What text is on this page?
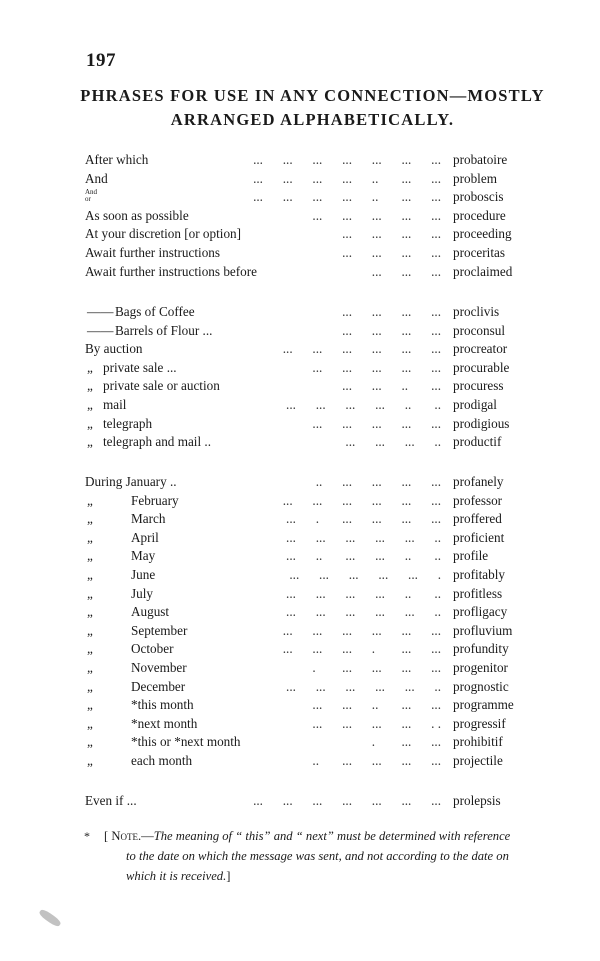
197
PHRASES FOR USE IN ANY CONNECTION—MOSTLY
ARRANGED ALPHABETICALLY.
After which	...      ...      ...      ...      ...      ...      ... probatoire
And	...      ...      ...      ...      ..       ...      ... problem
And
or	...      ...      ...      ...      ..       ...      ... proboscis
As soon as possible	...      ...      ...      ...      ... procedure
At your discretion [or option]	...      ...      ...      ... proceeding
Await further instructions	...      ...      ...      ... proceritas
Await further instructions before	...      ...      ... proclaimed
—— Bags of Coffee	...      ...      ...      ... proclivis
—— Barrels of Flour ...	...      ...      ...      ... proconsul
By auction	...      ...      ...      ...      ...      ... procreator
„ private sale ...	...      ...      ...      ...      ... procurable
„ private sale or auction	...      ...      ..       ... procuress
„ mail	...      ...      ...      ...      ..       .. prodigal
„ telegraph	...      ...      ...      ...      ... prodigious
„ telegraph and mail ..	...      ...      ...      .. productif
During January ..	..      ...      ...      ...      ... profanely
„	February	...      ...      ...      ...      ...      ... professor
„	March	...      .       ...      ...      ...      ... proffered
„	April	...      ...      ...      ...      ...      .. proficient
„	May	...      ..       ...      ...      ..       .. profile
„	June	...      ...      ...      ...      ...      . profitably
„	July	...      ...      ...      ...      ..       .. profitless
„	August	...      ...      ...      ...      ...      .. profligacy
„	September	...      ...      ...      ...      ...      ... profluvium
„	October	...      ...      ...      .        ...      ... profundity
„	November	.        ...      ...      ...      ... progenitor
„	December	...      ...      ...      ...      ...      .. prognostic
„	*this month	...      ...      ..       ...      ... programme
„	*next month	...      ...      ...      ...      . . progressif
„	*this or *next month	.        ...      ... prohibitif
„	each month	..       ...      ...      ...      ... projectile
Even if ...	...      ...      ...      ...      ...      ...      ... prolepsis
*	[ Note.—The meaning of “ this” and “ next” must be determined with reference

to the date on which the message was sent, and not according to the date on

which it is received.]
